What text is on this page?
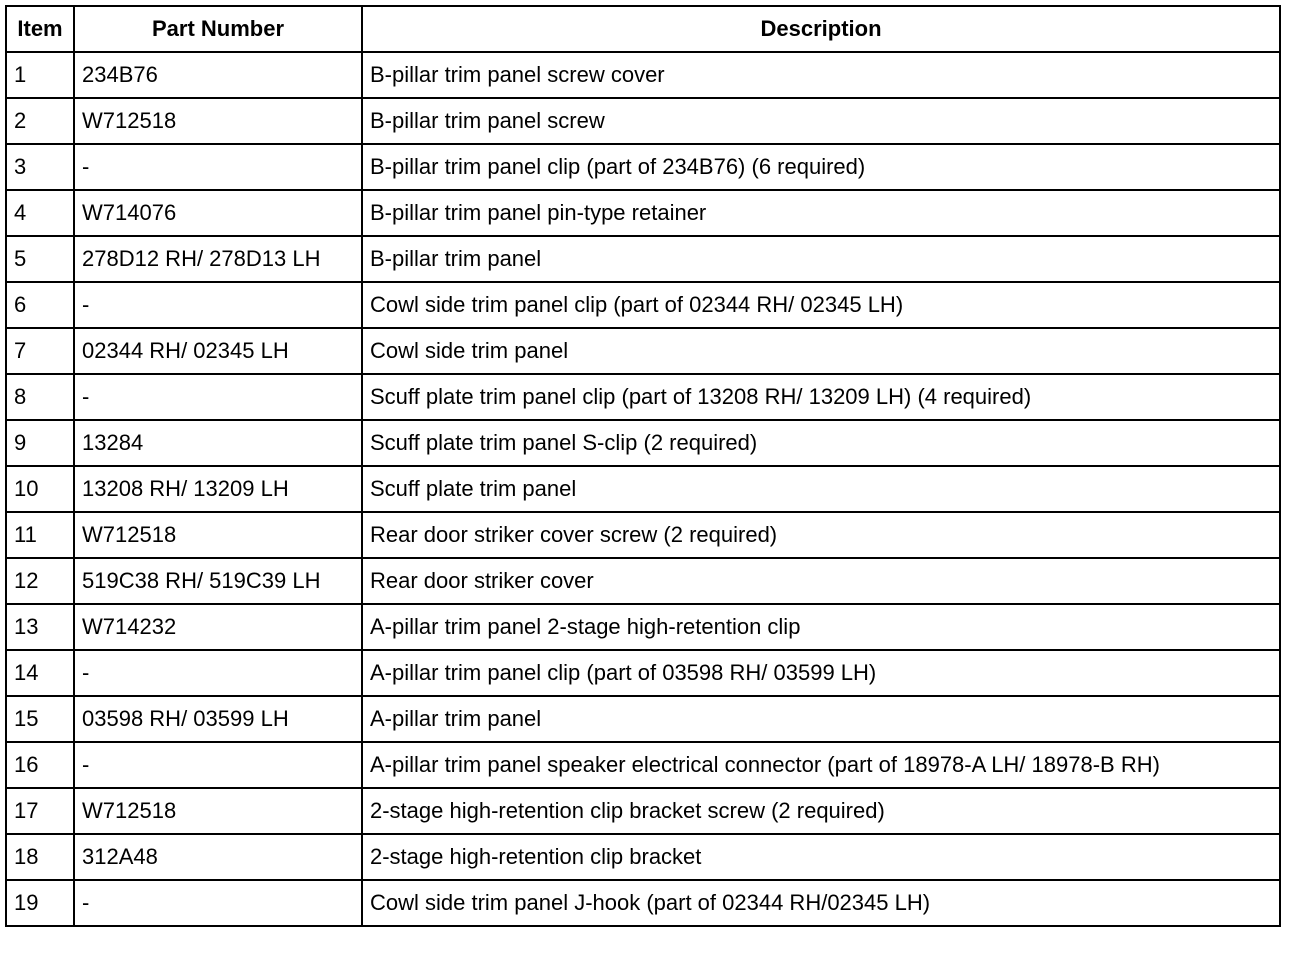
Item	Part Number	Description
1	234B76	B-pillar trim panel screw cover
2	W712518	B-pillar trim panel screw
3	-	B-pillar trim panel clip (part of 234B76) (6 required)
4	W714076	B-pillar trim panel pin-type retainer
5	278D12 RH/ 278D13 LH	B-pillar trim panel
6	-	Cowl side trim panel clip (part of 02344 RH/ 02345 LH)
7	02344 RH/ 02345 LH	Cowl side trim panel
8	-	Scuff plate trim panel clip (part of 13208 RH/ 13209 LH) (4 required)
9	13284	Scuff plate trim panel S-clip (2 required)
10	13208 RH/ 13209 LH	Scuff plate trim panel
11	W712518	Rear door striker cover screw (2 required)
12	519C38 RH/ 519C39 LH	Rear door striker cover
13	W714232	A-pillar trim panel 2-stage high-retention clip
14	-	A-pillar trim panel clip (part of 03598 RH/ 03599 LH)
15	03598 RH/ 03599 LH	A-pillar trim panel
16	-	A-pillar trim panel speaker electrical connector (part of 18978-A LH/ 18978-B RH)
17	W712518	2-stage high-retention clip bracket screw (2 required)
18	312A48	2-stage high-retention clip bracket
19	-	Cowl side trim panel J-hook (part of 02344 RH/02345 LH)
